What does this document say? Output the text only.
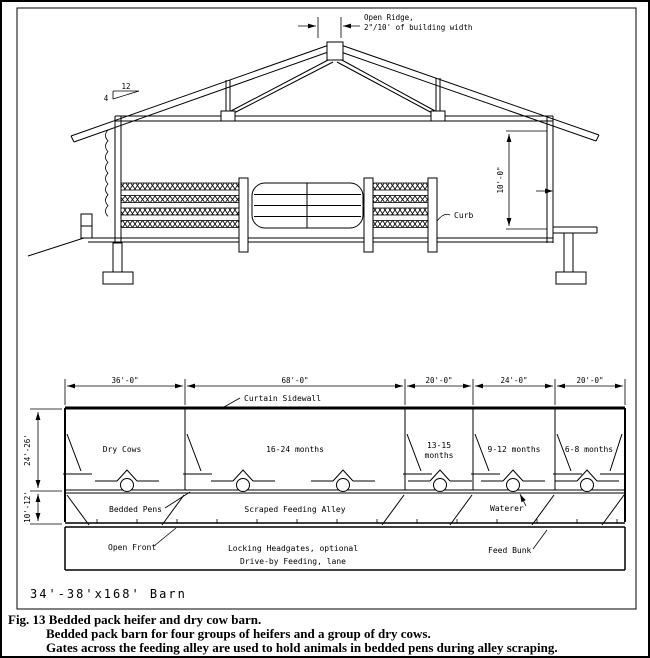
Open Ridge,
2"/10' of building width
12
4
Curb
10'-0"
36'-0"	68'-0"	20'-0"	24'-0"	20'-0"
24'-26'
10'-12'
Curtain Sidewall
Dry Cows	16-24 months	13-15
months
9-12 months	6-8 months
Bedded Pens	Scraped Feeding Alley	Waterer
Open Front	Locking Headgates, optional
Drive-by Feeding, lane
Feed Bunk
34'-38'x168' Barn
Fig. 13 Bedded pack heifer and dry cow barn.
Bedded pack barn for four groups of heifers and a group of dry cows.
Gates across the feeding alley are used to hold animals in bedded pens during alley scraping.
